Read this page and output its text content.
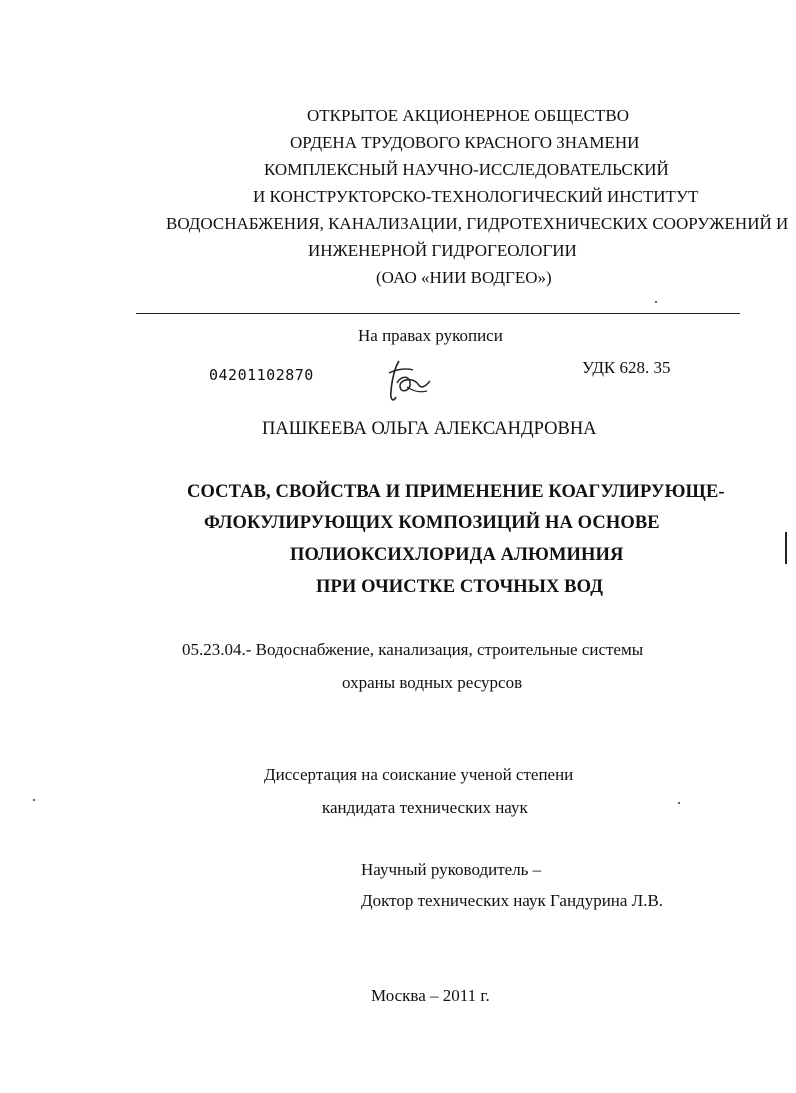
ОТКРЫТОЕ АКЦИОНЕРНОЕ ОБЩЕСТВО
ОРДЕНА ТРУДОВОГО КРАСНОГО ЗНАМЕНИ
КОМПЛЕКСНЫЙ НАУЧНО-ИССЛЕДОВАТЕЛЬСКИЙ
И КОНСТРУКТОРСКО-ТЕХНОЛОГИЧЕСКИЙ ИНСТИТУТ
ВОДОСНАБЖЕНИЯ, КАНАЛИЗАЦИИ, ГИДРОТЕХНИЧЕСКИХ СООРУЖЕНИЙ И
ИНЖЕНЕРНОЙ ГИДРОГЕОЛОГИИ
(ОАО «НИИ ВОДГЕО»)
На правах рукописи
04201102870	УДК 628. 35
ПАШКЕЕВА ОЛЬГА АЛЕКСАНДРОВНА
СОСТАВ, СВОЙСТВА И ПРИМЕНЕНИЕ КОАГУЛИРУЮЩЕ-
ФЛОКУЛИРУЮЩИХ КОМПОЗИЦИЙ НА ОСНОВЕ
ПОЛИОКСИХЛОРИДА АЛЮМИНИЯ
ПРИ ОЧИСТКЕ СТОЧНЫХ ВОД
05.23.04.- Водоснабжение, канализация, строительные системы
охраны водных ресурсов
Диссертация на соискание ученой степени
кандидата технических наук
Научный руководитель –
Доктор технических наук Гандурина Л.В.
Москва – 2011 г.
